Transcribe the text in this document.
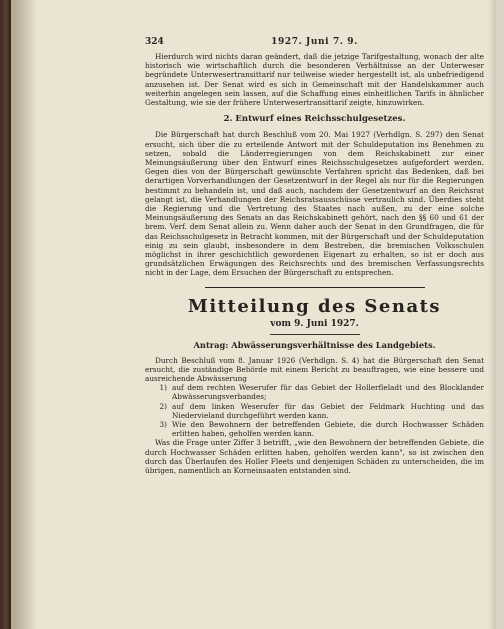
324	1927. Juni 7. 9.

Hierdurch wird nichts daran geändert, daß die jetzige Tarifgestaltung, wonach der alte historisch wie wirtschaftlich durch die besonderen Verhältnisse an der Unterweser begründete Unterwesertransittarif nur teilweise wieder hergestellt ist, als unbefriedigend anzusehen ist. Der Senat wird es sich in Gemeinschaft mit der Handelskammer auch weiterhin angelegen sein lassen, auf die Schaffung eines einheitlichen Tarifs in ähnlicher Gestaltung, wie sie der frühere Unterwesertransittarif zeigte, hinzuwirken.

2. Entwurf eines Reichsschulgesetzes.

Die Bürgerschaft hat durch Beschluß vom 20. Mai 1927 (Verhdlgn. S. 297) den Senat ersucht, sich über die zu erteilende Antwort mit der Schuldeputation ins Benehmen zu setzen, sobald die Länderregierungen von dem Reichskabinett zur einer Meinungsäußerung über den Entwurf eines Reichsschulgesetzes aufgefordert werden. Gegen dies von der Bürgerschaft gewünschte Verfahren spricht das Bedenken, daß bei derartigen Vorverhandlungen der Gesetzentwurf in der Regel als nur für die Regierungen bestimmt zu behandeln ist, und daß auch, nachdem der Gesetzentwurf an den Reichsrat gelangt ist, die Verhandlungen der Reichsratsausschüsse vertraulich sind. Überdies steht die Regierung und die Vertretung des Staates nach außen, zu der eine solche Meinungsäußerung des Senats an das Reichskabinett gehört, nach den §§ 60 und 61 der brem. Verf. dem Senat allein zu. Wenn daher auch der Senat in den Grundfragen, die für das Reichsschulgesetz in Betracht kommen, mit der Bürgerschaft und der Schuldeputation einig zu sein glaubt, insbesondere in dem Bestreben, die bremischen Volksschulen möglichst in ihrer geschichtlich gewordenen Eigenart zu erhalten, so ist er doch aus grundsätzlichen Erwägungen des Reichsrechts und des bremischen Verfassungsrechts nicht in der Lage, dem Ersuchen der Bürgerschaft zu entsprechen.

Mitteilung des Senats
vom 9. Juni 1927.
Antrag: Abwässerungsverhältnisse des Landgebiets.

Durch Beschluß vom 8. Januar 1926 (Verhdlgn. S. 4) hat die Bürgerschaft den Senat ersucht, die zuständige Behörde mit einem Bericht zu beauftragen, wie eine bessere und ausreichende Abwässerung

1) auf dem rechten Weserufer für das Gebiet der Hollerfleladt und des Blocklander Abwässerungsverbandes;
2) auf dem linken Weserufer für das Gebiet der Feldmark Huchting und das Niedervieland durchgeführt werden kann.
3) Wie den Bewohnern der betreffenden Gebiete, die durch Hochwasser Schäden erlitten haben, geholfen werden kann.

Was die Frage unter Ziffer 3 betrifft, „wie den Bewohnern der betreffenden Gebiete, die durch Hochwasser Schäden erlitten haben, geholfen werden kann", so ist zwischen den durch das Überlaufen des Holler Fleets und denjenigen Schäden zu unterscheiden, die im übrigen, namentlich an Korneinsaaten entstanden sind.
